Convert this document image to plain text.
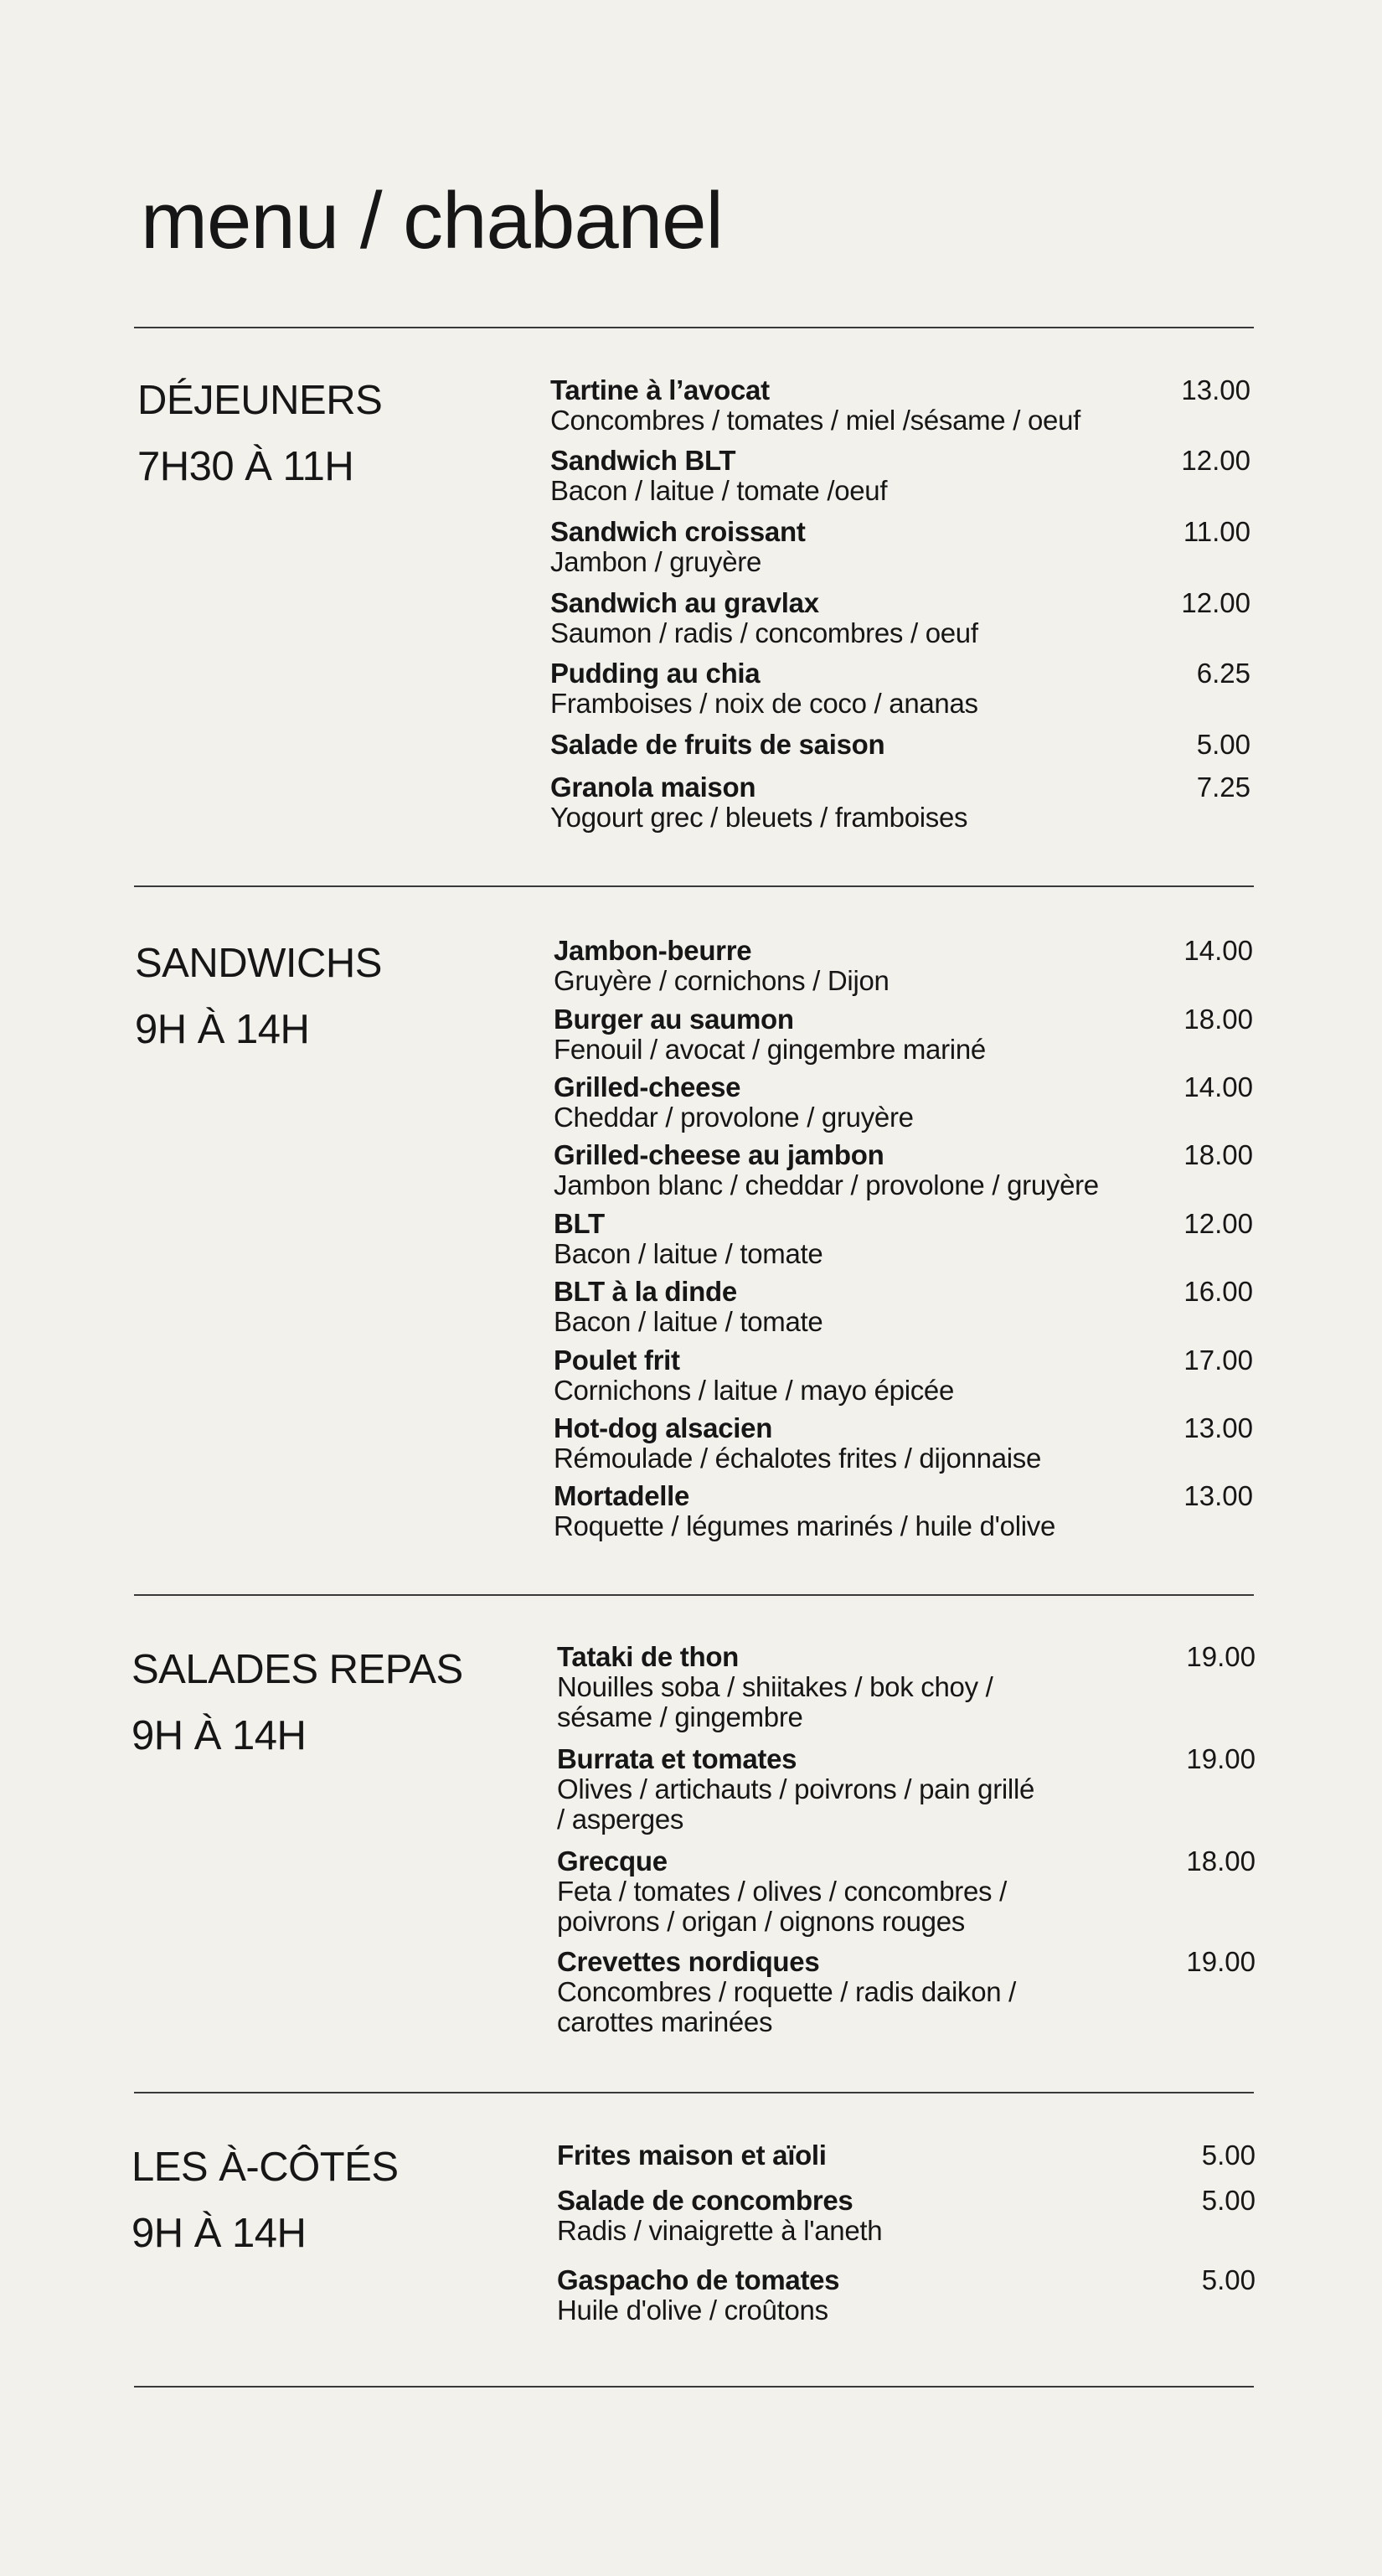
menu / chabanel
DÉJEUNERS
7H30 À 11H
Tartine à l’avocat
Concombres / tomates / miel /sésame / oeuf
13.00
Sandwich BLT
Bacon / laitue / tomate /oeuf
12.00
Sandwich croissant
Jambon / gruyère
11.00
Sandwich au gravlax
Saumon / radis / concombres / oeuf
12.00
Pudding au chia
Framboises / noix de coco / ananas
6.25
Salade de fruits de saison	5.00
Granola maison
Yogourt grec / bleuets / framboises
7.25
SANDWICHS
9H À 14H
Jambon-beurre
Gruyère / cornichons / Dijon
14.00
Burger au saumon
Fenouil / avocat / gingembre mariné
18.00
Grilled-cheese
Cheddar / provolone / gruyère
14.00
Grilled-cheese au jambon
Jambon blanc / cheddar / provolone / gruyère
18.00
BLT
Bacon / laitue / tomate
12.00
BLT à la dinde
Bacon / laitue / tomate
16.00
Poulet frit
Cornichons / laitue / mayo épicée
17.00
Hot-dog alsacien
Rémoulade / échalotes frites / dijonnaise
13.00
Mortadelle
Roquette / légumes marinés / huile d'olive
13.00
SALADES REPAS
9H À 14H
Tataki de thon
Nouilles soba / shiitakes / bok choy /
sésame / gingembre
19.00
Burrata et tomates
Olives / artichauts / poivrons / pain grillé
/ asperges
19.00
Grecque
Feta / tomates / olives / concombres /
poivrons / origan / oignons rouges
18.00
Crevettes nordiques
Concombres / roquette / radis daikon /
carottes marinées
19.00
LES À-CÔTÉS
9H À 14H
Frites maison et aïoli	5.00
Salade de concombres
Radis / vinaigrette à l'aneth
5.00
Gaspacho de tomates
Huile d'olive / croûtons
5.00
